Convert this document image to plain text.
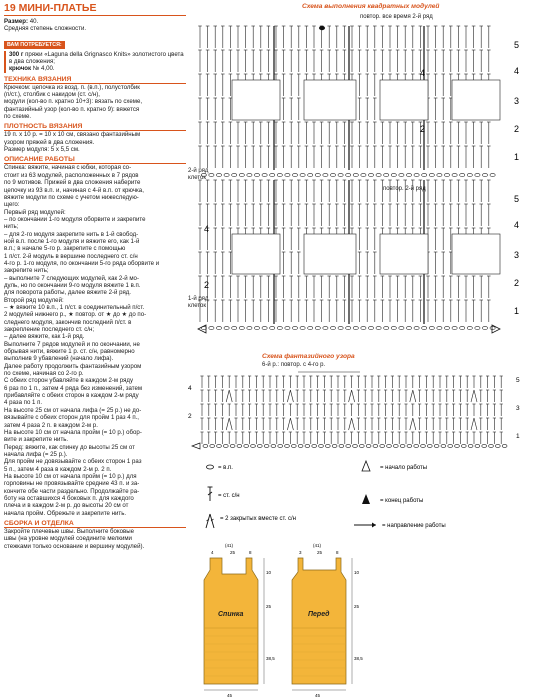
19 МИНИ-ПЛАТЬЕ

Размер: 40.

Средняя степень сложности.

ВАМ ПОТРЕБУЕТСЯ:

300 г пряжи «Laguna della Grignasco Knits» золотистого цвета в два сложения;

крючок № 4,00.

ТЕХНИКА ВЯЗАНИЯ

Крючком: цепочка из возд. п. (в.п.), полустолбик

(п/ст.), столбик с накидом (ст. с/н),

модули (кол-во п. кратно 10+3): вязать по схеме,

фантазийный узор (кол-во п. кратно 9): вяжется

по схеме.

ПЛОТНОСТЬ ВЯЗАНИЯ

19 п. х 10 р. = 10 х 10 см, связано фантазийным

узором пряжей в два сложения.

Размер модуля: 5 х 5,5 см.

ОПИСАНИЕ РАБОТЫ

Спинка: вяжите, начиная с юбки, которая со-

стоит из 63 модулей, расположенных в 7 рядов

по 9 мотивов. Прижей в два сложения наберите

цепочку из 93 в.п. и, начиная с 4-й в.п. от крючка,

вяжите модули по схеме с учетом нижеследую-

щего:

Первый ряд модулей:

– по окончании 1-го модуля оборвите и закрепите

нить;

– для 2-го модуля закрепите нить в 1-й свобод-

ной в.п. после 1-го модуля и вяжите его, как 1-й

в.п.; в начале 5-го р. закрепите с помощью

1 п/ст. 2-й модуль в вершине последнего ст. с/н

4-го р. 1-го модуля, по окончании 5-го ряда оборвите и

закрепите нить;

– выполните 7 следующих модулей, как 2-й мо-

дуль, но по окончании 9-го модуля вяжите 1 в.п.

для поворота работы, далее вяжите 2-й ряд.

Второй ряд модулей:

– ★ вяжите 10 в.п., 1 п/ст. в соединительный п/ст.

2 модулей нижнего р., ★ повтор. от ★ до ★ до по-

следнего модуля, закончив последний п/ст. в

закрепление последнего ст. с/н;

– далее вяжите, как 1-й ряд.

Выполните 7 рядов модулей и по окончании, не

обрывая нити, вяжите 1 р. ст. с/н, равномерно

выполнив 9 убавлений (начало лифа).

Далее работу продолжить фантазийным узором

по схеме, начиная со 2-го р.

С обеих сторон убавляйте в каждом 2-м ряду

6 раз по 1 п., затем 4 ряда без изменений, затем

прибавляйте с обеих сторон в каждом 2-м ряду

4 раза по 1 п.

На высоте 25 см от начала лифа (= 25 р.) не до-

вязывайте с обеих сторон для пройм 1 раз 4 п.,

затем 4 раза 2 п. в каждом 2-м р.

На высоте 10 см от начала пройм (= 10 р.) обор-

вите и закрепите нить.

Перед: вяжите, как спинку до высоты 25 см от

начала лифа (= 25 р.).

Для пройм не довязывайте с обеих сторон 1 раз

5 п., затем 4 раза в каждом 2-м р. 2 п.

На высоте 10 см от начала пройм (= 10 р.) для

горловины не провязывайте средние 43 п. и за-

кончите обе части раздельно. Продолжайте ра-

боту на оставшихся 4 боковых п. для каждого

плеча и в каждом 2-м р. до высоты 20 см от

начала пройм. Обрежьте и закрепите нить.

СБОРКА И ОТДЕЛКА

Закройте плечевые швы. Выполните боковые

швы (на уровне модулей соедините мелкими

стежками только основание и вершину модулей).

Схема выполнения квадратных модулей
повтор. все время 2-й ряд
2-й ряд клеток
1-й ряд клеток
повтор. 2-й ряд
5
4
3
2
1
5
4
3
2
1
4
2
4
2
Схема фантазийного узора
6-й р.: повтор. с 4-го р.
4
2
5
3
1
= в.п.
= ст. с/н
= 2 закрытых вместе ст. с/н
= начало работы
= конец работы
= направление работы
Спинка
45
(41)
4	25	8
10
25
38,5
Перед
45
(41)
3	25	8
10
25
38,5
